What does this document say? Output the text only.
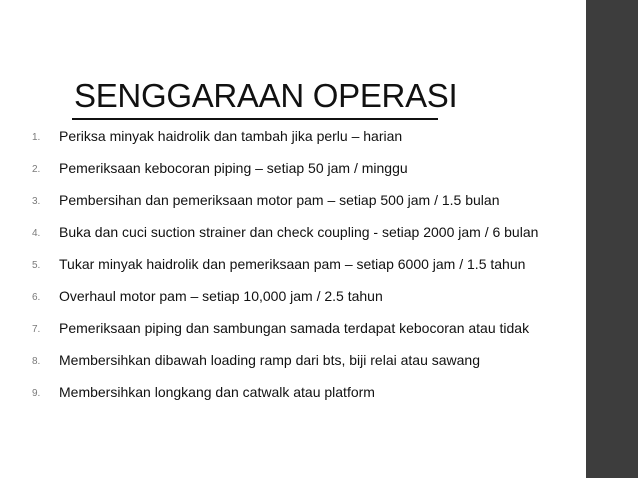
SENGGARAAN OPERASI
1. Periksa minyak haidrolik dan tambah jika perlu – harian
2. Pemeriksaan kebocoran piping – setiap 50 jam / minggu
3. Pembersihan dan pemeriksaan motor pam – setiap 500 jam / 1.5 bulan
4. Buka dan cuci suction strainer dan check coupling - setiap 2000 jam / 6 bulan
5. Tukar minyak haidrolik dan pemeriksaan pam – setiap 6000 jam / 1.5 tahun
6. Overhaul motor pam – setiap 10,000 jam / 2.5 tahun
7. Pemeriksaan piping dan sambungan samada terdapat kebocoran atau tidak
8. Membersihkan dibawah loading ramp dari bts, biji relai atau sawang
9. Membersihkan longkang dan catwalk atau platform
